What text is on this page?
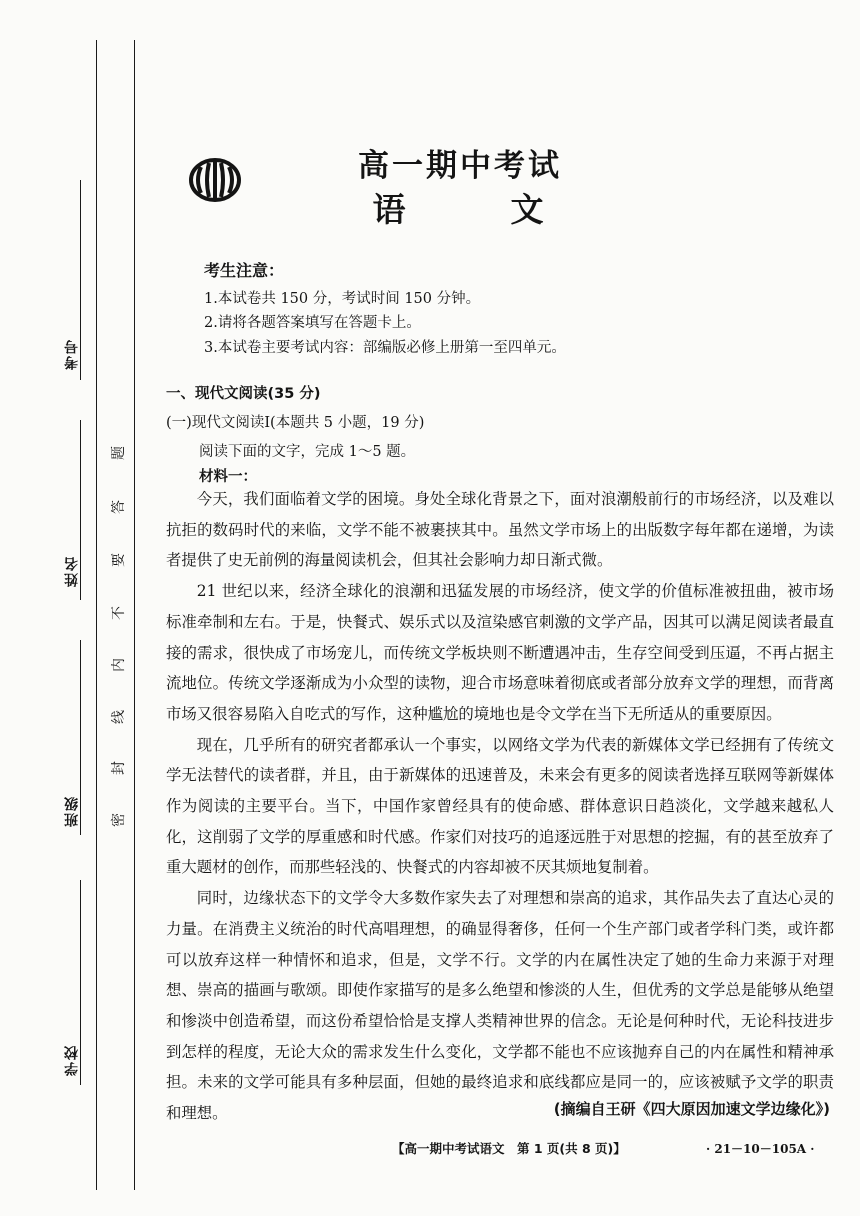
考号
姓名
班级
学校
题
答
要
不
内
线
封
密
高一期中考试
语	文
考生注意：
1.本试卷共 150 分，考试时间 150 分钟。
2.请将各题答案填写在答题卡上。
3.本试卷主要考试内容：部编版必修上册第一至四单元。
一、现代文阅读(35 分)
(一)现代文阅读Ⅰ(本题共 5 小题，19 分)
阅读下面的文字，完成 1～5 题。
材料一：

今天，我们面临着文学的困境。身处全球化背景之下，面对浪潮般前行的市场经济，以及难以抗拒的数码时代的来临，文学不能不被裹挟其中。虽然文学市场上的出版数字每年都在递增，为读者提供了史无前例的海量阅读机会，但其社会影响力却日渐式微。

21 世纪以来，经济全球化的浪潮和迅猛发展的市场经济，使文学的价值标准被扭曲，被市场标准牵制和左右。于是，快餐式、娱乐式以及渲染感官刺激的文学产品，因其可以满足阅读者最直接的需求，很快成了市场宠儿，而传统文学板块则不断遭遇冲击，生存空间受到压逼，不再占据主流地位。传统文学逐渐成为小众型的读物，迎合市场意味着彻底或者部分放弃文学的理想，而背离市场又很容易陷入自吃式的写作，这种尴尬的境地也是令文学在当下无所适从的重要原因。

现在，几乎所有的研究者都承认一个事实，以网络文学为代表的新媒体文学已经拥有了传统文学无法替代的读者群，并且，由于新媒体的迅速普及，未来会有更多的阅读者选择互联网等新媒体作为阅读的主要平台。当下，中国作家曾经具有的使命感、群体意识日趋淡化，文学越来越私人化，这削弱了文学的厚重感和时代感。作家们对技巧的追逐远胜于对思想的挖掘，有的甚至放弃了重大题材的创作，而那些轻浅的、快餐式的内容却被不厌其烦地复制着。

同时，边缘状态下的文学令大多数作家失去了对理想和崇高的追求，其作品失去了直达心灵的力量。在消费主义统治的时代高唱理想，的确显得奢侈，任何一个生产部门或者学科门类，或许都可以放弃这样一种情怀和追求，但是，文学不行。文学的内在属性决定了她的生命力来源于对理想、崇高的描画与歌颂。即使作家描写的是多么绝望和惨淡的人生，但优秀的文学总是能够从绝望和惨淡中创造希望，而这份希望恰恰是支撑人类精神世界的信念。无论是何种时代，无论科技进步到怎样的程度，无论大众的需求发生什么变化，文学都不能也不应该抛弃自己的内在属性和精神承担。未来的文学可能具有多种层面，但她的最终追求和底线都应是同一的，应该被赋予文学的职责和理想。	(摘编自王研《四大原因加速文学边缘化》)
【高一期中考试语文　第 1 页(共 8 页)】	· 21－10－105A ·
